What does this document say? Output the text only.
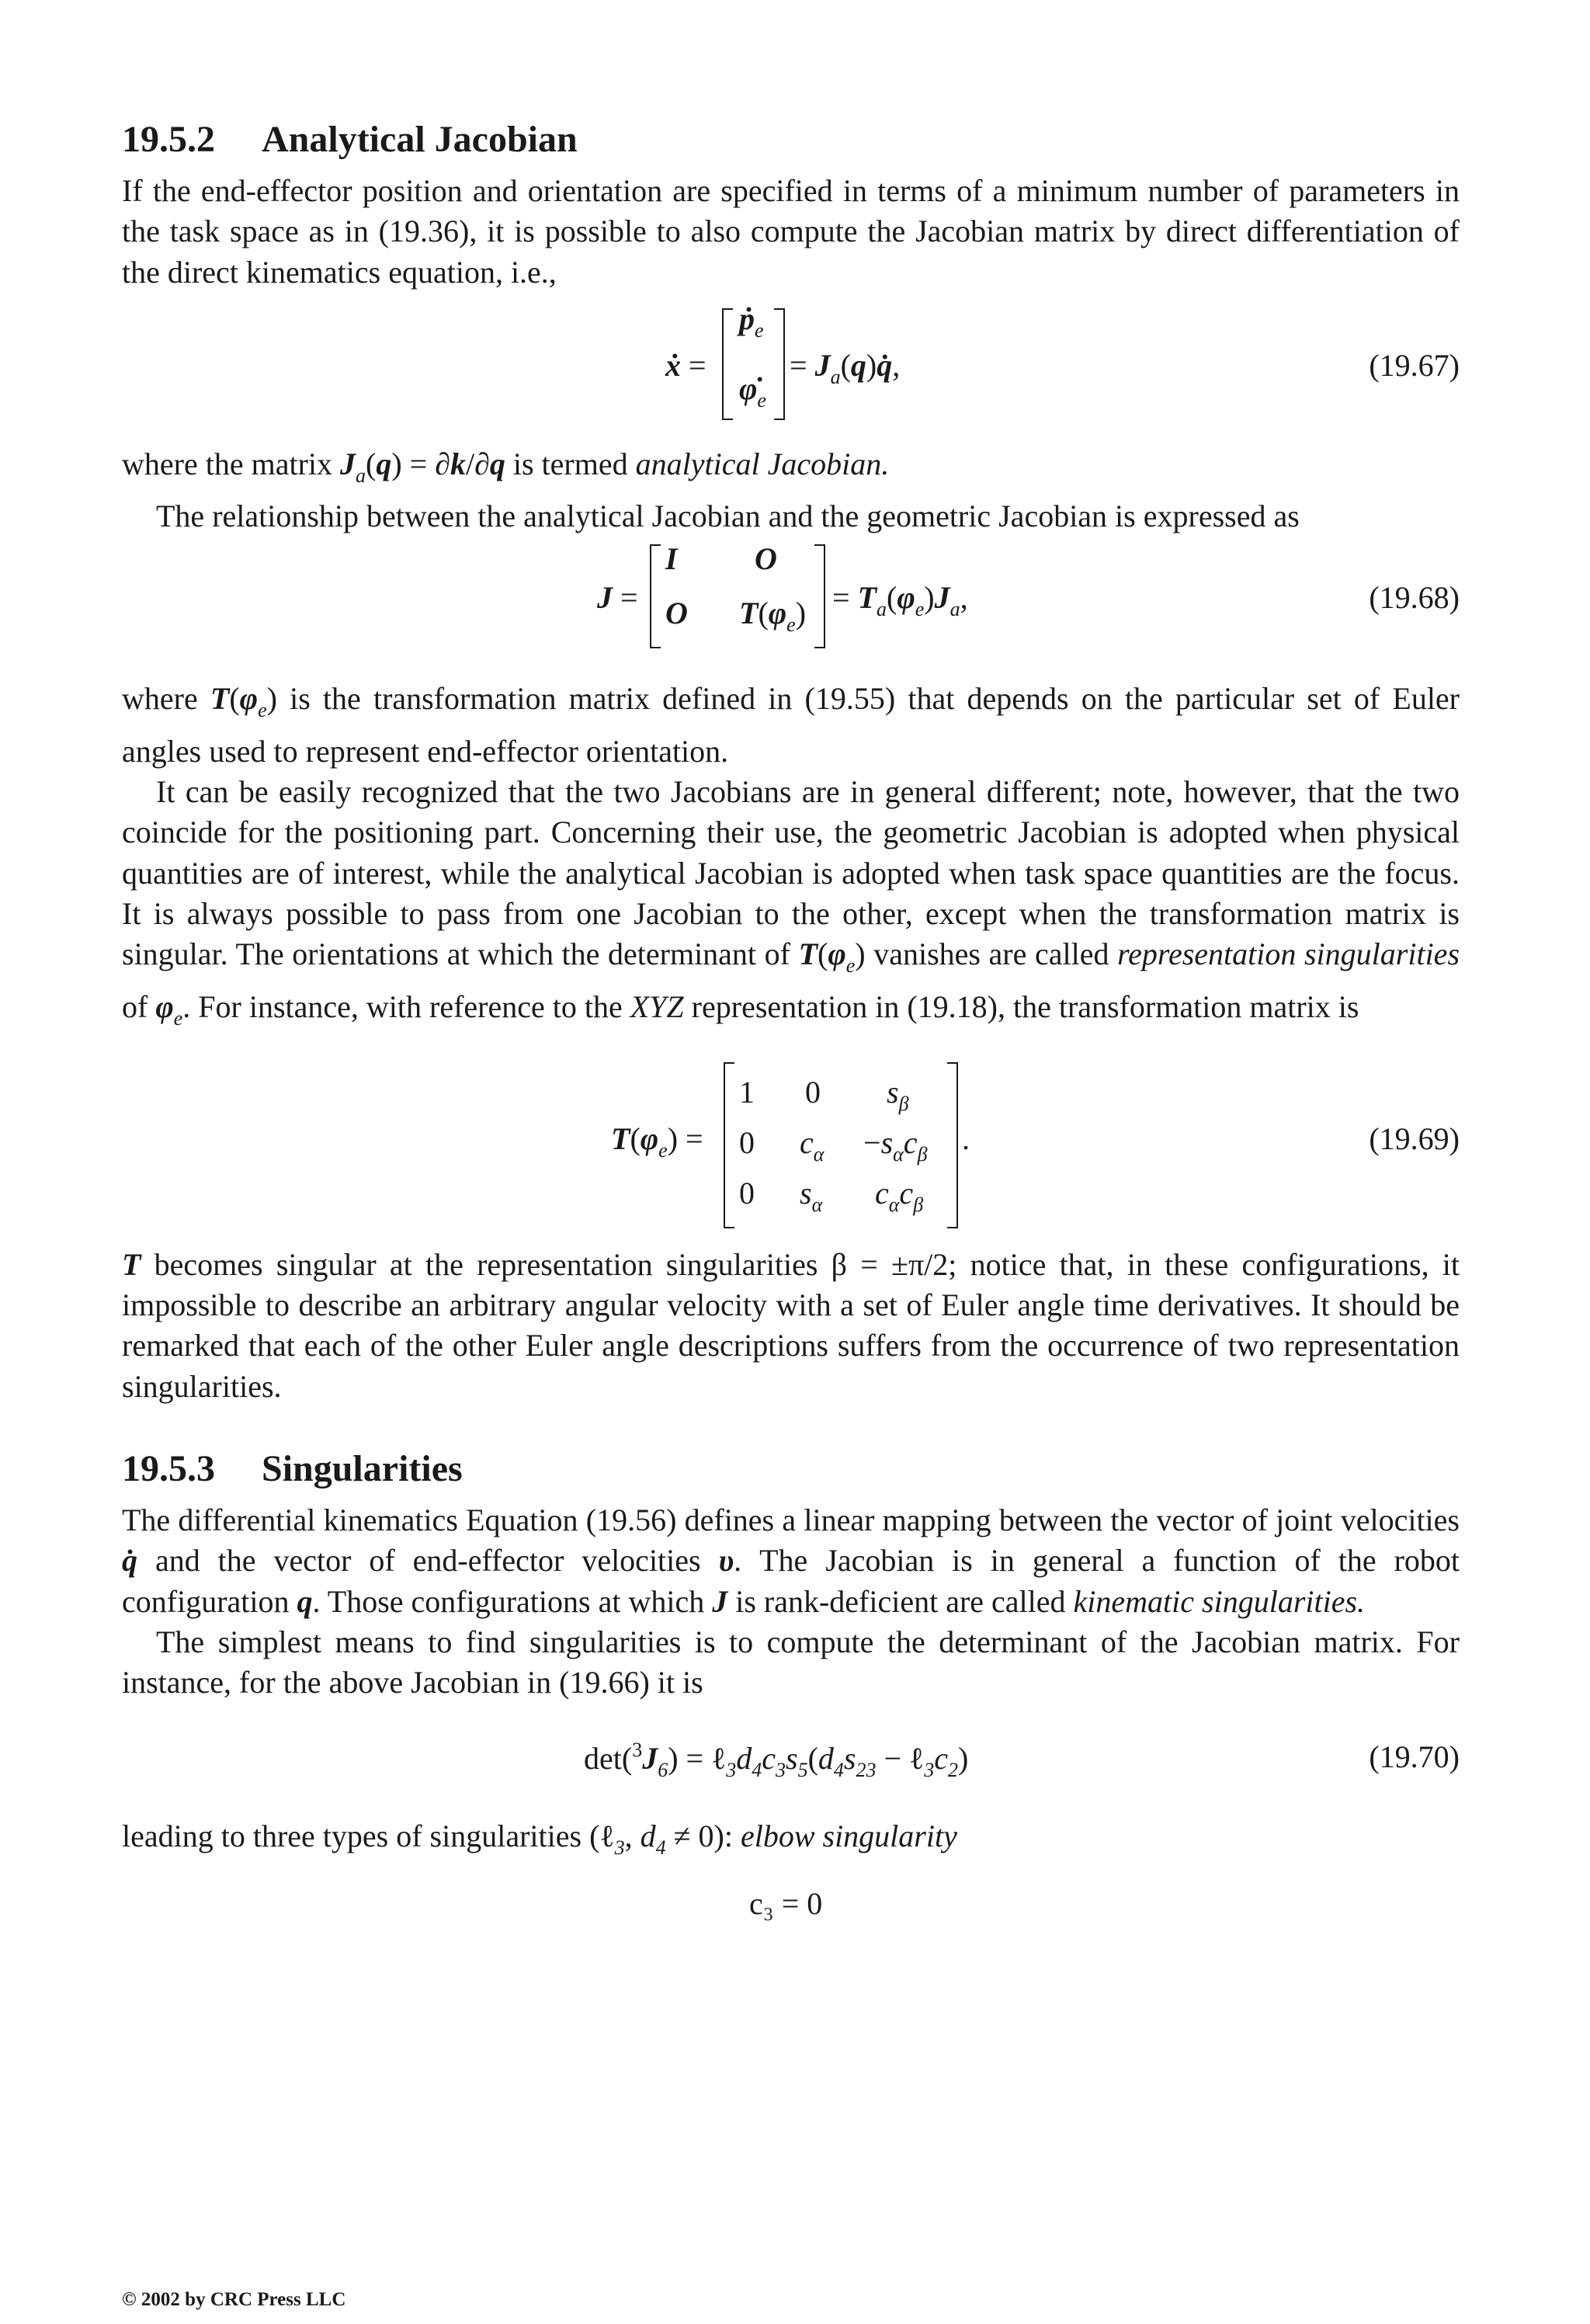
19.5.2 Analytical Jacobian

If the end-effector position and orientation are specified in terms of a minimum number of parameters in the task space as in (19.36), it is possible to also compute the Jacobian matrix by direct differentiation of the direct kinematics equation, i.e.,

ẋ =
$ṗ_e$
$\varphi̇_e$
= $J_a(q)q̇$,	(19.67)

where the matrix $J_a(q) = \partial k/\partial q$ is termed analytical Jacobian.

The relationship between the analytical Jacobian and the geometric Jacobian is expressed as

J =
I O
O $T(\varphi_e) = T_a(\varphi_e)J_a$,	(19.68)

where $T(\varphi_e)$ is the transformation matrix defined in (19.55) that depends on the particular set of Euler angles used to represent end-effector orientation.

It can be easily recognized that the two Jacobians are in general different; note, however, that the two coincide for the positioning part. Concerning their use, the geometric Jacobian is adopted when physical quantities are of interest, while the analytical Jacobian is adopted when task space quantities are the focus. It is always possible to pass from one Jacobian to the other, except when the transformation matrix is singular. The orientations at which the determinant of $T(\varphi_e)$ vanishes are called representation singularities of $\varphi_e$. For instance, with reference to the XYZ representation in (19.18), the transformation matrix is

$T(\varphi_e)$ =
1 0 $s_\beta$
0 $c_\alpha -s_\alpha c_\beta$
0 $s_\alpha$ $c_\alpha c_\beta$
.	(19.69)

T becomes singular at the representation singularities β = ±π/2; notice that, in these configurations, it impossible to describe an arbitrary angular velocity with a set of Euler angle time derivatives. It should be remarked that each of the other Euler angle descriptions suffers from the occurrence of two representation singularities.

19.5.3 Singularities

The differential kinematics Equation (19.56) defines a linear mapping between the vector of joint velocities q̇ and the vector of end-effector velocities υ. The Jacobian is in general a function of the robot configuration q. Those configurations at which J is rank-deficient are called kinematic singularities.

The simplest means to find singularities is to compute the determinant of the Jacobian matrix. For instance, for the above Jacobian in (19.66) it is

$\det(^3J_6)$ = $\ell_3d_4c_3s_5(d_4s_{23}$ − $\ell_3c_2$)	(19.70)

leading to three types of singularities (ℓ$_3$, $d_4 \ne 0$): elbow singularity

c₃ = 0
© 2002 by CRC Press LLC
